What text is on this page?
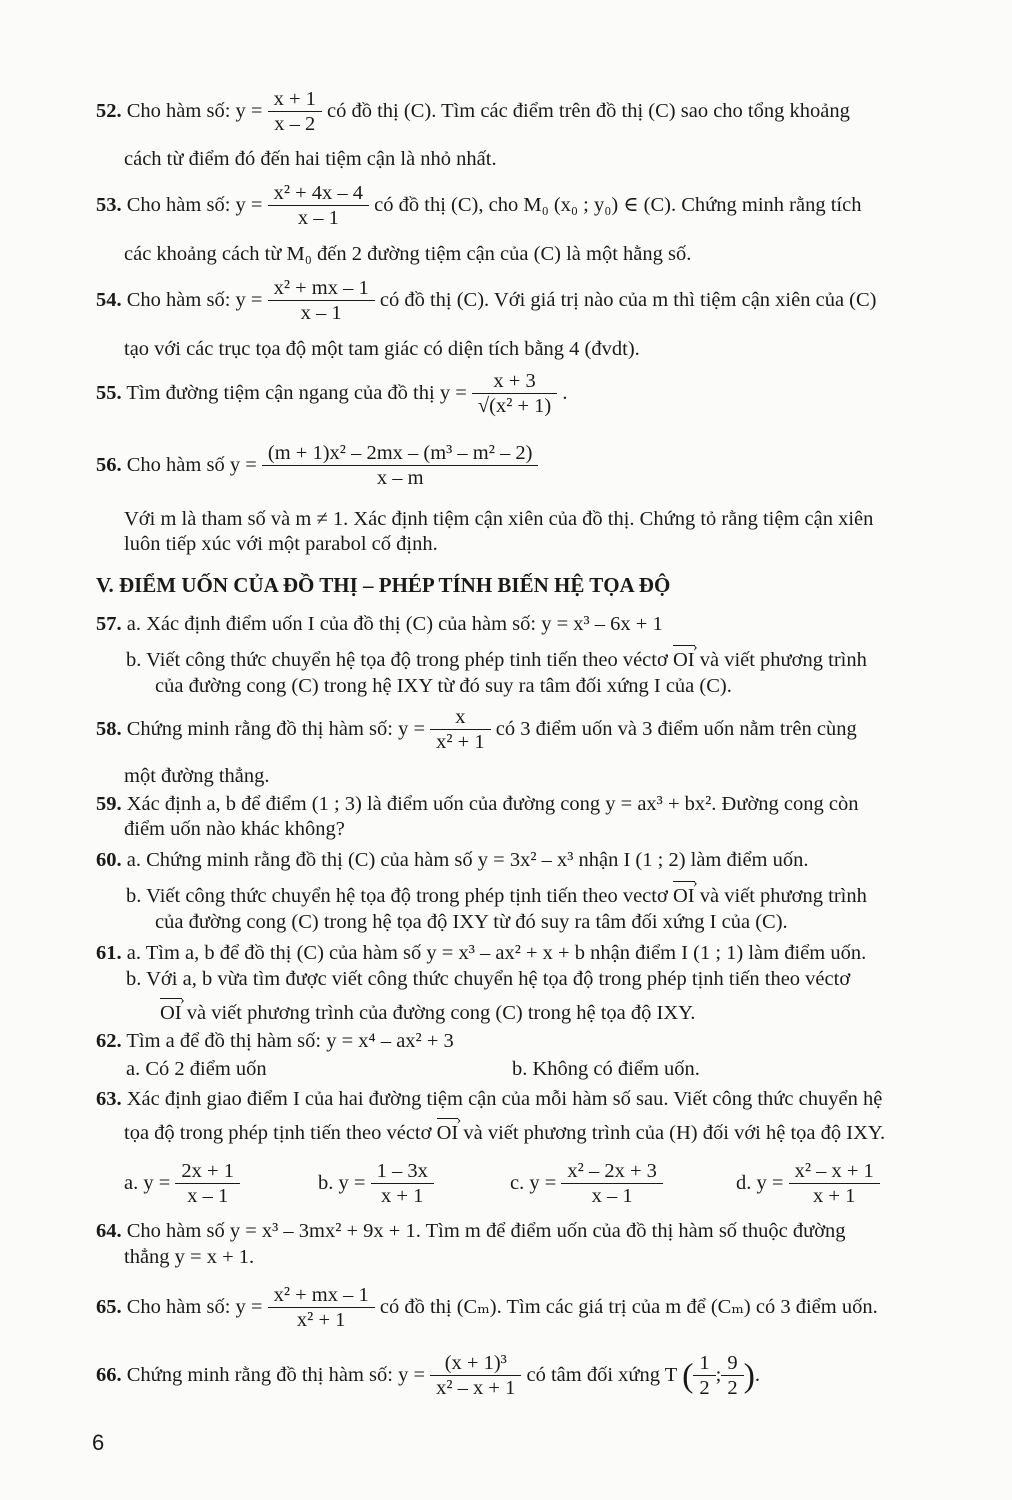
52. Cho hàm số: $y = \frac{x + 1}{x - 2}$ có đồ thị (C). Tìm các điểm trên đồ thị (C) sao cho tổng khoảng
cách từ điểm đó đến hai tiệm cận là nhỏ nhất.
53. Cho hàm số: $y = \frac{\text{x² + 4x – 4}}{x - 1}$ có đồ thị (C), cho M₀ (x₀ ; y₀) ∈ (C). Chứng minh rằng tích
các khoảng cách từ M₀ đến 2 đường tiệm cận của (C) là một hằng số.
54. Cho hàm số: $y = \frac{\text{x² + mx – 1}}{x - 1}$ có đồ thị (C). Với giá trị nào của m thì tiệm cận xiên của (C)
tạo với các trục tọa độ một tam giác có diện tích bằng 4 (đvdt).
55. Tìm đường tiệm cận ngang của đồ thị $y = \frac{x + 3}{\text{√(x² + 1)}}$ .
56. Cho hàm số $y = \frac{\text{(m + 1)x² – 2mx – (m³ – m² – 2)}}{x - m}$
Với m là tham số và m ≠ 1. Xác định tiệm cận xiên của đồ thị. Chứng tỏ rằng tiệm cận xiên
luôn tiếp xúc với một parabol cố định.
V. ĐIỂM UỐN CỦA ĐỒ THỊ – PHÉP TÍNH BIẾN HỆ TỌA ĐỘ
57. a. Xác định điểm uốn I của đồ thị (C) của hàm số: y = x³ – 6x + 1
b. Viết công thức chuyển hệ tọa độ trong phép tinh tiến theo véctơ OI › và viết phương trình
của đường cong (C) trong hệ IXY từ đó suy ra tâm đối xứng I của (C).
58. Chứng minh rằng đồ thị hàm số: $y = \frac{x}{\text{x² + 1}}$ có 3 điểm uốn và 3 điểm uốn nằm trên cùng
một đường thẳng.
59. Xác định a, b để điểm (1 ; 3) là điểm uốn của đường cong y = ax³ + bx². Đường cong còn
điểm uốn nào khác không?
60. a. Chứng minh rằng đồ thị (C) của hàm số y = 3x² – x³ nhận I (1 ; 2) làm điểm uốn.
b. Viết công thức chuyển hệ tọa độ trong phép tịnh tiến theo vectơ OI › và viết phương trình
của đường cong (C) trong hệ tọa độ IXY từ đó suy ra tâm đối xứng I của (C).
61. a. Tìm a, b để đồ thị (C) của hàm số y = x³ – ax² + x + b nhận điểm I (1 ; 1) làm điểm uốn.
b. Với a, b vừa tìm được viết công thức chuyển hệ tọa độ trong phép tịnh tiến theo véctơ
OI › và viết phương trình của đường cong (C) trong hệ tọa độ IXY.
62. Tìm a để đồ thị hàm số: y = x⁴ – ax² + 3
a. Có 2 điểm uốn	b. Không có điểm uốn.
63. Xác định giao điểm I của hai đường tiệm cận của mỗi hàm số sau. Viết công thức chuyển hệ
tọa độ trong phép tịnh tiến theo véctơ OI › và viết phương trình của (H) đối với hệ tọa độ IXY.
a. $y = \frac{2x + 1}{x - 1}$	b. $y = \frac{1 - 3x}{x + 1}$	c. $y = \frac{\text{x² – 2x + 3}}{x - 1}$	d. $y = \frac{\text{x² – x + 1}}{x + 1}$
64. Cho hàm số y = x³ – 3mx² + 9x + 1. Tìm m để điểm uốn của đồ thị hàm số thuộc đường
thẳng y = x + 1.
65. Cho hàm số: $y = \frac{\text{x² + mx – 1}}{\text{x² + 1}}$ có đồ thị (Cₘ). Tìm các giá trị của m để (Cₘ) có 3 điểm uốn.
66. Chứng minh rằng đồ thị hàm số: $y = \frac{\text{(x + 1)³}}{\text{x² – x + 1}}$ có tâm đối xứng T ( $\frac{1}{2}$ ; $\frac{9}{2}$ ).
6
